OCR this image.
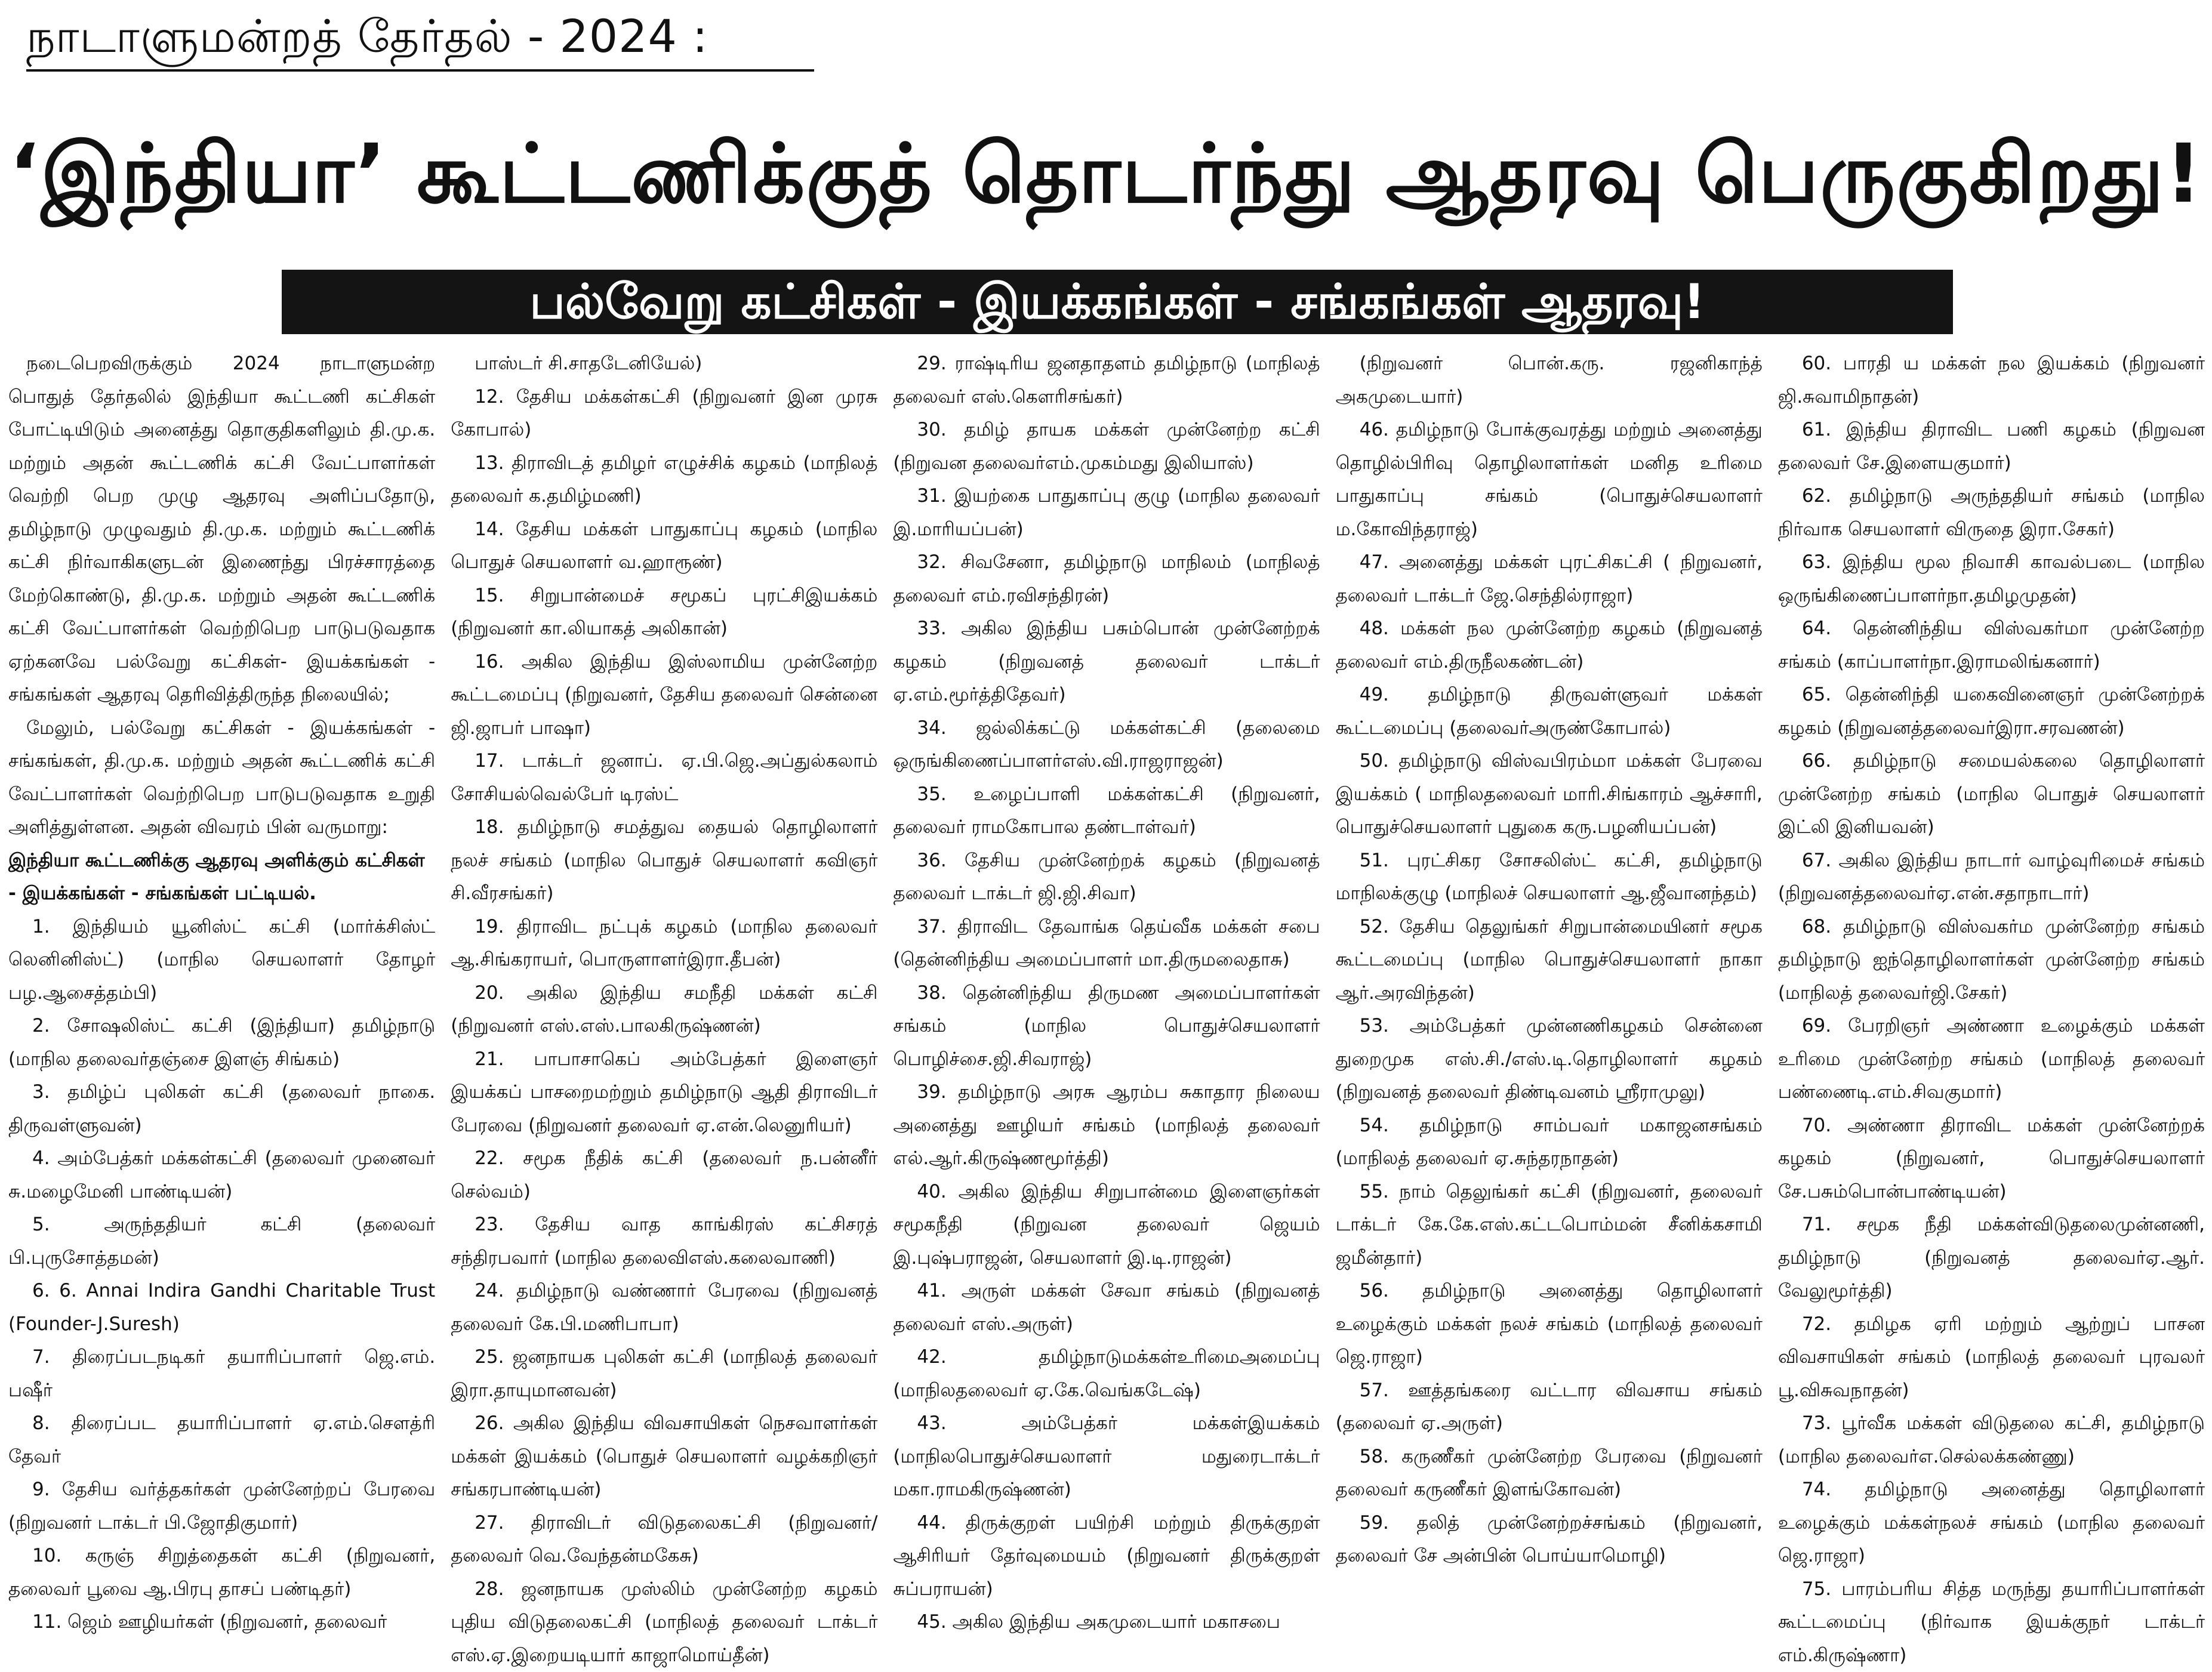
நாடாளுமன்றத் தேர்தல் - 2024 :
‘இந்தியா’ கூட்டணிக்குத் தொடர்ந்து ஆதரவு பெருகுகிறது!
பல்வேறு கட்சிகள் - இயக்கங்கள் - சங்கங்கள் ஆதரவு!

நடைபெறவிருக்கும் 2024 நாடாளுமன்ற பொதுத் தேர்தலில் இந்தியா கூட்டணி கட்சிகள் போட்டியிடும் அனைத்து தொகுதிகளிலும் தி.மு.க. மற்றும் அதன் கூட்டணிக் கட்சி வேட்பாளர்கள் வெற்றி பெற முழு ஆதரவு அளிப்பதோடு, தமிழ்நாடு முழுவதும் தி.மு.க. மற்றும் கூட்டணிக் கட்சி நிர்வாகிகளுடன் இணைந்து பிரச்சாரத்தை மேற்கொண்டு, தி.மு.க. மற்றும் அதன் கூட்டணிக் கட்சி வேட்பாளர்கள் வெற்றிபெற பாடுபடுவதாக ஏற்கனவே பல்வேறு கட்சிகள்- இயக்கங்கள் - சங்கங்கள் ஆதரவு தெரிவித்திருந்த நிலையில்;

மேலும், பல்வேறு கட்சிகள் - இயக்கங்கள் - சங்கங்கள், தி.மு.க. மற்றும் அதன் கூட்டணிக் கட்சி வேட்பாளர்கள் வெற்றிபெற பாடுபடுவதாக உறுதி அளித்துள்ளன. அதன் விவரம் பின் வருமாறு:

இந்தியா கூட்டணிக்கு ஆதரவு அளிக்கும் கட்சிகள் - இயக்கங்கள் - சங்கங்கள் பட்டியல்.

1. இந்தியம் யூனிஸ்ட் கட்சி (மார்க்சிஸ்ட் லெனினிஸ்ட்) (மாநில செயலாளர் தோழர் பழ.ஆசைத்தம்பி)

2. சோஷலிஸ்ட் கட்சி (இந்தியா) தமிழ்நாடு (மாநில தலைவர்தஞ்சை இளஞ் சிங்கம்)

3. தமிழ்ப் புலிகள் கட்சி (தலைவர் நாகை. திருவள்ளுவன்)

4. அம்பேத்கர் மக்கள்கட்சி (தலைவர் முனைவர் சு.மழைமேனி பாண்டியன்)

5. அருந்ததியர் கட்சி (தலைவர் பி.புருசோத்தமன்)

6. 6. Annai Indira Gandhi Charitable Trust (Founder-J.Suresh)

7. திரைப்படநடிகர் தயாரிப்பாளர் ஜெ.எம். பஷீர்

8. திரைப்பட தயாரிப்பாளர் ஏ.எம்.சௌத்ரி தேவர்

9. தேசிய வர்த்தகர்கள் முன்னேற்றப் பேரவை (நிறுவனர் டாக்டர் பி.ஜோதிகுமார்)

10. கருஞ் சிறுத்தைகள் கட்சி (நிறுவனர், தலைவர் பூவை ஆ.பிரபு தாசப் பண்டிதர்)

11. ஜெம் ஊழியர்கள் (நிறுவனர், தலைவர்

பாஸ்டர் சி.சாதடேனியேல்)

12. தேசிய மக்கள்கட்சி (நிறுவனர் இன முரசு கோபால்)

13. திராவிடத் தமிழர் எழுச்சிக் கழகம் (மாநிலத் தலைவர் க.தமிழ்மணி)

14. தேசிய மக்கள் பாதுகாப்பு கழகம் (மாநில பொதுச் செயலாளர் வ.ஹாரூண்)

15. சிறுபான்மைச் சமூகப் புரட்சிஇயக்கம் (நிறுவனர் கா.லியாகத் அலிகான்)

16. அகில இந்திய இஸ்லாமிய முன்னேற்ற கூட்டமைப்பு (நிறுவனர், தேசிய தலைவர் சென்னை ஜி.ஜாபர் பாஷா)

17. டாக்டர் ஜனாப். ஏ.பி.ஜெ.அப்துல்கலாம் சோசியல்வெல்பேர் டிரஸ்ட்

18. தமிழ்நாடு சமத்துவ தையல் தொழிலாளர் நலச் சங்கம் (மாநில பொதுச் செயலாளர் கவிஞர் சி.வீரசங்கர்)

19. திராவிட நட்புக் கழகம் (மாநில தலைவர் ஆ.சிங்கராயர், பொருளாளர்இரா.தீபன்)

20. அகில இந்திய சமநீதி மக்கள் கட்சி (நிறுவனர் எஸ்.எஸ்.பாலகிருஷ்ணன்)

21. பாபாசாகெப் அம்பேத்கர் இளைஞர் இயக்கப் பாசறைமற்றும் தமிழ்நாடு ஆதி திராவிடர் பேரவை (நிறுவனர் தலைவர் ஏ.என்.லெனுரியர்)

22. சமூக நீதிக் கட்சி (தலைவர் ந.பன்னீர் செல்வம்)

23. தேசிய வாத காங்கிரஸ் கட்சிசரத் சந்திரபவார் (மாநில தலைவிஎஸ்.கலைவாணி)

24. தமிழ்நாடு வண்ணார் பேரவை (நிறுவனத் தலைவர் கே.பி.மணிபாபா)

25. ஜனநாயக புலிகள் கட்சி (மாநிலத் தலைவர் இரா.தாயுமானவன்)

26. அகில இந்திய விவசாயிகள் நெசவாளர்கள் மக்கள் இயக்கம் (பொதுச் செயலாளர் வழக்கறிஞர் சங்கரபாண்டியன்)

27. திராவிடர் விடுதலைகட்சி (நிறுவனர்/ தலைவர் வெ.வேந்தன்மகேசு)

28. ஜனநாயக முஸ்லிம் முன்னேற்ற கழகம் புதிய விடுதலைகட்சி (மாநிலத் தலைவர் டாக்டர் எஸ்.ஏ.இறையடியார் காஜாமொய்தீன்)

29. ராஷ்டிரிய ஜனதாதளம் தமிழ்நாடு (மாநிலத் தலைவர் எஸ்.கௌரிசங்கர்)

30. தமிழ் தாயக மக்கள் முன்னேற்ற கட்சி (நிறுவன தலைவர்எம்.முகம்மது இலியாஸ்)

31. இயற்கை பாதுகாப்பு குழு (மாநில தலைவர் இ.மாரியப்பன்)

32. சிவசேனா, தமிழ்நாடு மாநிலம் (மாநிலத் தலைவர் எம்.ரவிசந்திரன்)

33. அகில இந்திய பசும்பொன் முன்னேற்றக் கழகம் (நிறுவனத் தலைவர் டாக்டர் ஏ.எம்.மூர்த்திதேவர்)

34. ஜல்லிக்கட்டு மக்கள்கட்சி (தலைமை ஒருங்கிணைப்பாளர்எஸ்.வி.ராஜராஜன்)

35. உழைப்பாளி மக்கள்கட்சி (நிறுவனர், தலைவர் ராமகோபால தண்டாள்வர்)

36. தேசிய முன்னேற்றக் கழகம் (நிறுவனத் தலைவர் டாக்டர் ஜி.ஜி.சிவா)

37. திராவிட தேவாங்க தெய்வீக மக்கள் சபை (தென்னிந்திய அமைப்பாளர் மா.திருமலைதாசு)

38. தென்னிந்திய திருமண அமைப்பாளர்கள் சங்கம் (மாநில பொதுச்செயலாளர் பொழிச்சை.ஜி.சிவராஜ்)

39. தமிழ்நாடு அரசு ஆரம்ப சுகாதார நிலைய அனைத்து ஊழியர் சங்கம் (மாநிலத் தலைவர் எல்.ஆர்.கிருஷ்ணமூர்த்தி)

40. அகில இந்திய சிறுபான்மை இளைஞர்கள் சமூகநீதி (நிறுவன தலைவர் ஜெயம் இ.புஷ்பராஜன், செயலாளர் இ.டி.ராஜன்)

41. அருள் மக்கள் சேவா சங்கம் (நிறுவனத் தலைவர் எஸ்.அருள்)

42. தமிழ்நாடுமக்கள்உரிமைஅமைப்பு (மாநிலதலைவர் ஏ.கே.வெங்கடேஷ்)

43. அம்பேத்கர் மக்கள்இயக்கம் (மாநிலபொதுச்செயலாளர் மதுரைடாக்டர் மகா.ராமகிருஷ்ணன்)

44. திருக்குறள் பயிற்சி மற்றும் திருக்குறள் ஆசிரியர் தேர்வுமையம் (நிறுவனர் திருக்குறள் சுப்பராயன்)

45. அகில இந்திய அகமுடையார் மகாசபை

(நிறுவனர் பொன்.கரு. ரஜனிகாந்த் அகமுடையார்)

46. தமிழ்நாடு போக்குவரத்து மற்றும் அனைத்து தொழில்பிரிவு தொழிலாளர்கள் மனித உரிமை பாதுகாப்பு சங்கம் (பொதுச்செயலாளர் ம.கோவிந்தராஜ்)

47. அனைத்து மக்கள் புரட்சிகட்சி ( நிறுவனர், தலைவர் டாக்டர் ஜே.செந்தில்ராஜா)

48. மக்கள் நல முன்னேற்ற கழகம் (நிறுவனத் தலைவர் எம்.திருநீலகண்டன்)

49. தமிழ்நாடு திருவள்ளுவர் மக்கள் கூட்டமைப்பு (தலைவர்அருண்கோபால்)

50. தமிழ்நாடு விஸ்வபிரம்மா மக்கள் பேரவை இயக்கம் ( மாநிலதலைவர் மாரி.சிங்காரம் ஆச்சாரி, பொதுச்செயலாளர் புதுகை கரு.பழனியப்பன்)

51. புரட்சிகர சோசலிஸ்ட் கட்சி, தமிழ்நாடு மாநிலக்குழு (மாநிலச் செயலாளர் ஆ.ஜீவானந்தம்)

52. தேசிய தெலுங்கர் சிறுபான்மையினர் சமூக கூட்டமைப்பு (மாநில பொதுச்செயலாளர் நாகா ஆர்.அரவிந்தன்)

53. அம்பேத்கர் முன்னணிகழகம் சென்னை துறைமுக எஸ்.சி./எஸ்.டி.தொழிலாளர் கழகம் (நிறுவனத் தலைவர் திண்டிவனம் ஸ்ரீராமுலு)

54. தமிழ்நாடு சாம்பவர் மகாஜனசங்கம் (மாநிலத் தலைவர் ஏ.சுந்தரநாதன்)

55. நாம் தெலுங்கர் கட்சி (நிறுவனர், தலைவர் டாக்டர் கே.கே.எஸ்.கட்டபொம்மன் சீனிக்கசாமி ஜமீன்தார்)

56. தமிழ்நாடு அனைத்து தொழிலாளர் உழைக்கும் மக்கள் நலச் சங்கம் (மாநிலத் தலைவர் ஜெ.ராஜா)

57. ஊத்தங்கரை வட்டார விவசாய சங்கம் (தலைவர் ஏ.அருள்)

58. கருணீகர் முன்னேற்ற பேரவை (நிறுவனர் தலைவர் கருணீகர் இளங்கோவன்)

59. தலித் முன்னேற்றச்சங்கம் (நிறுவனர், தலைவர் சே அன்பின் பொய்யாமொழி)

60. பாரதி ய மக்கள் நல இயக்கம் (நிறுவனர் ஜி.சுவாமிநாதன்)

61. இந்திய திராவிட பணி கழகம் (நிறுவன தலைவர் சே.இளையகுமார்)

62. தமிழ்நாடு அருந்ததியர் சங்கம் (மாநில நிர்வாக செயலாளர் விருதை இரா.சேகர்)

63. இந்திய மூல நிவாசி காவல்படை (மாநில ஒருங்கிணைப்பாளர்நா.தமிழமுதன்)

64. தென்னிந்திய விஸ்வகர்மா முன்னேற்ற சங்கம் (காப்பாளர்நா.இராமலிங்கனார்)

65. தென்னிந்தி யகைவினைஞர் முன்னேற்றக் கழகம் (நிறுவனத்தலைவர்இரா.சரவணன்)

66. தமிழ்நாடு சமையல்கலை தொழிலாளர் முன்னேற்ற சங்கம் (மாநில பொதுச் செயலாளர் இட்லி இனியவன்)

67. அகில இந்திய நாடார் வாழ்வுரிமைச் சங்கம் (நிறுவனத்தலைவர்ஏ.என்.சதாநாடார்)

68. தமிழ்நாடு விஸ்வகர்ம முன்னேற்ற சங்கம் தமிழ்நாடு ஐந்தொழிலாளர்கள் முன்னேற்ற சங்கம் (மாநிலத் தலைவர்ஜி.சேகர்)

69. பேரறிஞர் அண்ணா உழைக்கும் மக்கள் உரிமை முன்னேற்ற சங்கம் (மாநிலத் தலைவர் பண்ணைடி.எம்.சிவகுமார்)

70. அண்ணா திராவிட மக்கள் முன்னேற்றக் கழகம் (நிறுவனர், பொதுச்செயலாளர் சே.பசும்பொன்பாண்டியன்)

71. சமூக நீதி மக்கள்விடுதலைமுன்னணி, தமிழ்நாடு (நிறுவனத் தலைவர்ஏ.ஆர். வேலுமூர்த்தி)

72. தமிழக ஏரி மற்றும் ஆற்றுப் பாசன விவசாயிகள் சங்கம் (மாநிலத் தலைவர் புரவலர் பூ.விசுவநாதன்)

73. பூர்வீக மக்கள் விடுதலை கட்சி, தமிழ்நாடு (மாநில தலைவர்எ.செல்லக்கண்ணு)

74. தமிழ்நாடு அனைத்து தொழிலாளர் உழைக்கும் மக்கள்நலச் சங்கம் (மாநில தலைவர் ஜெ.ராஜா)

75. பாரம்பரிய சித்த மருந்து தயாரிப்பாளர்கள் கூட்டமைப்பு (நிர்வாக இயக்குநர் டாக்டர் எம்.கிருஷ்ணா)
